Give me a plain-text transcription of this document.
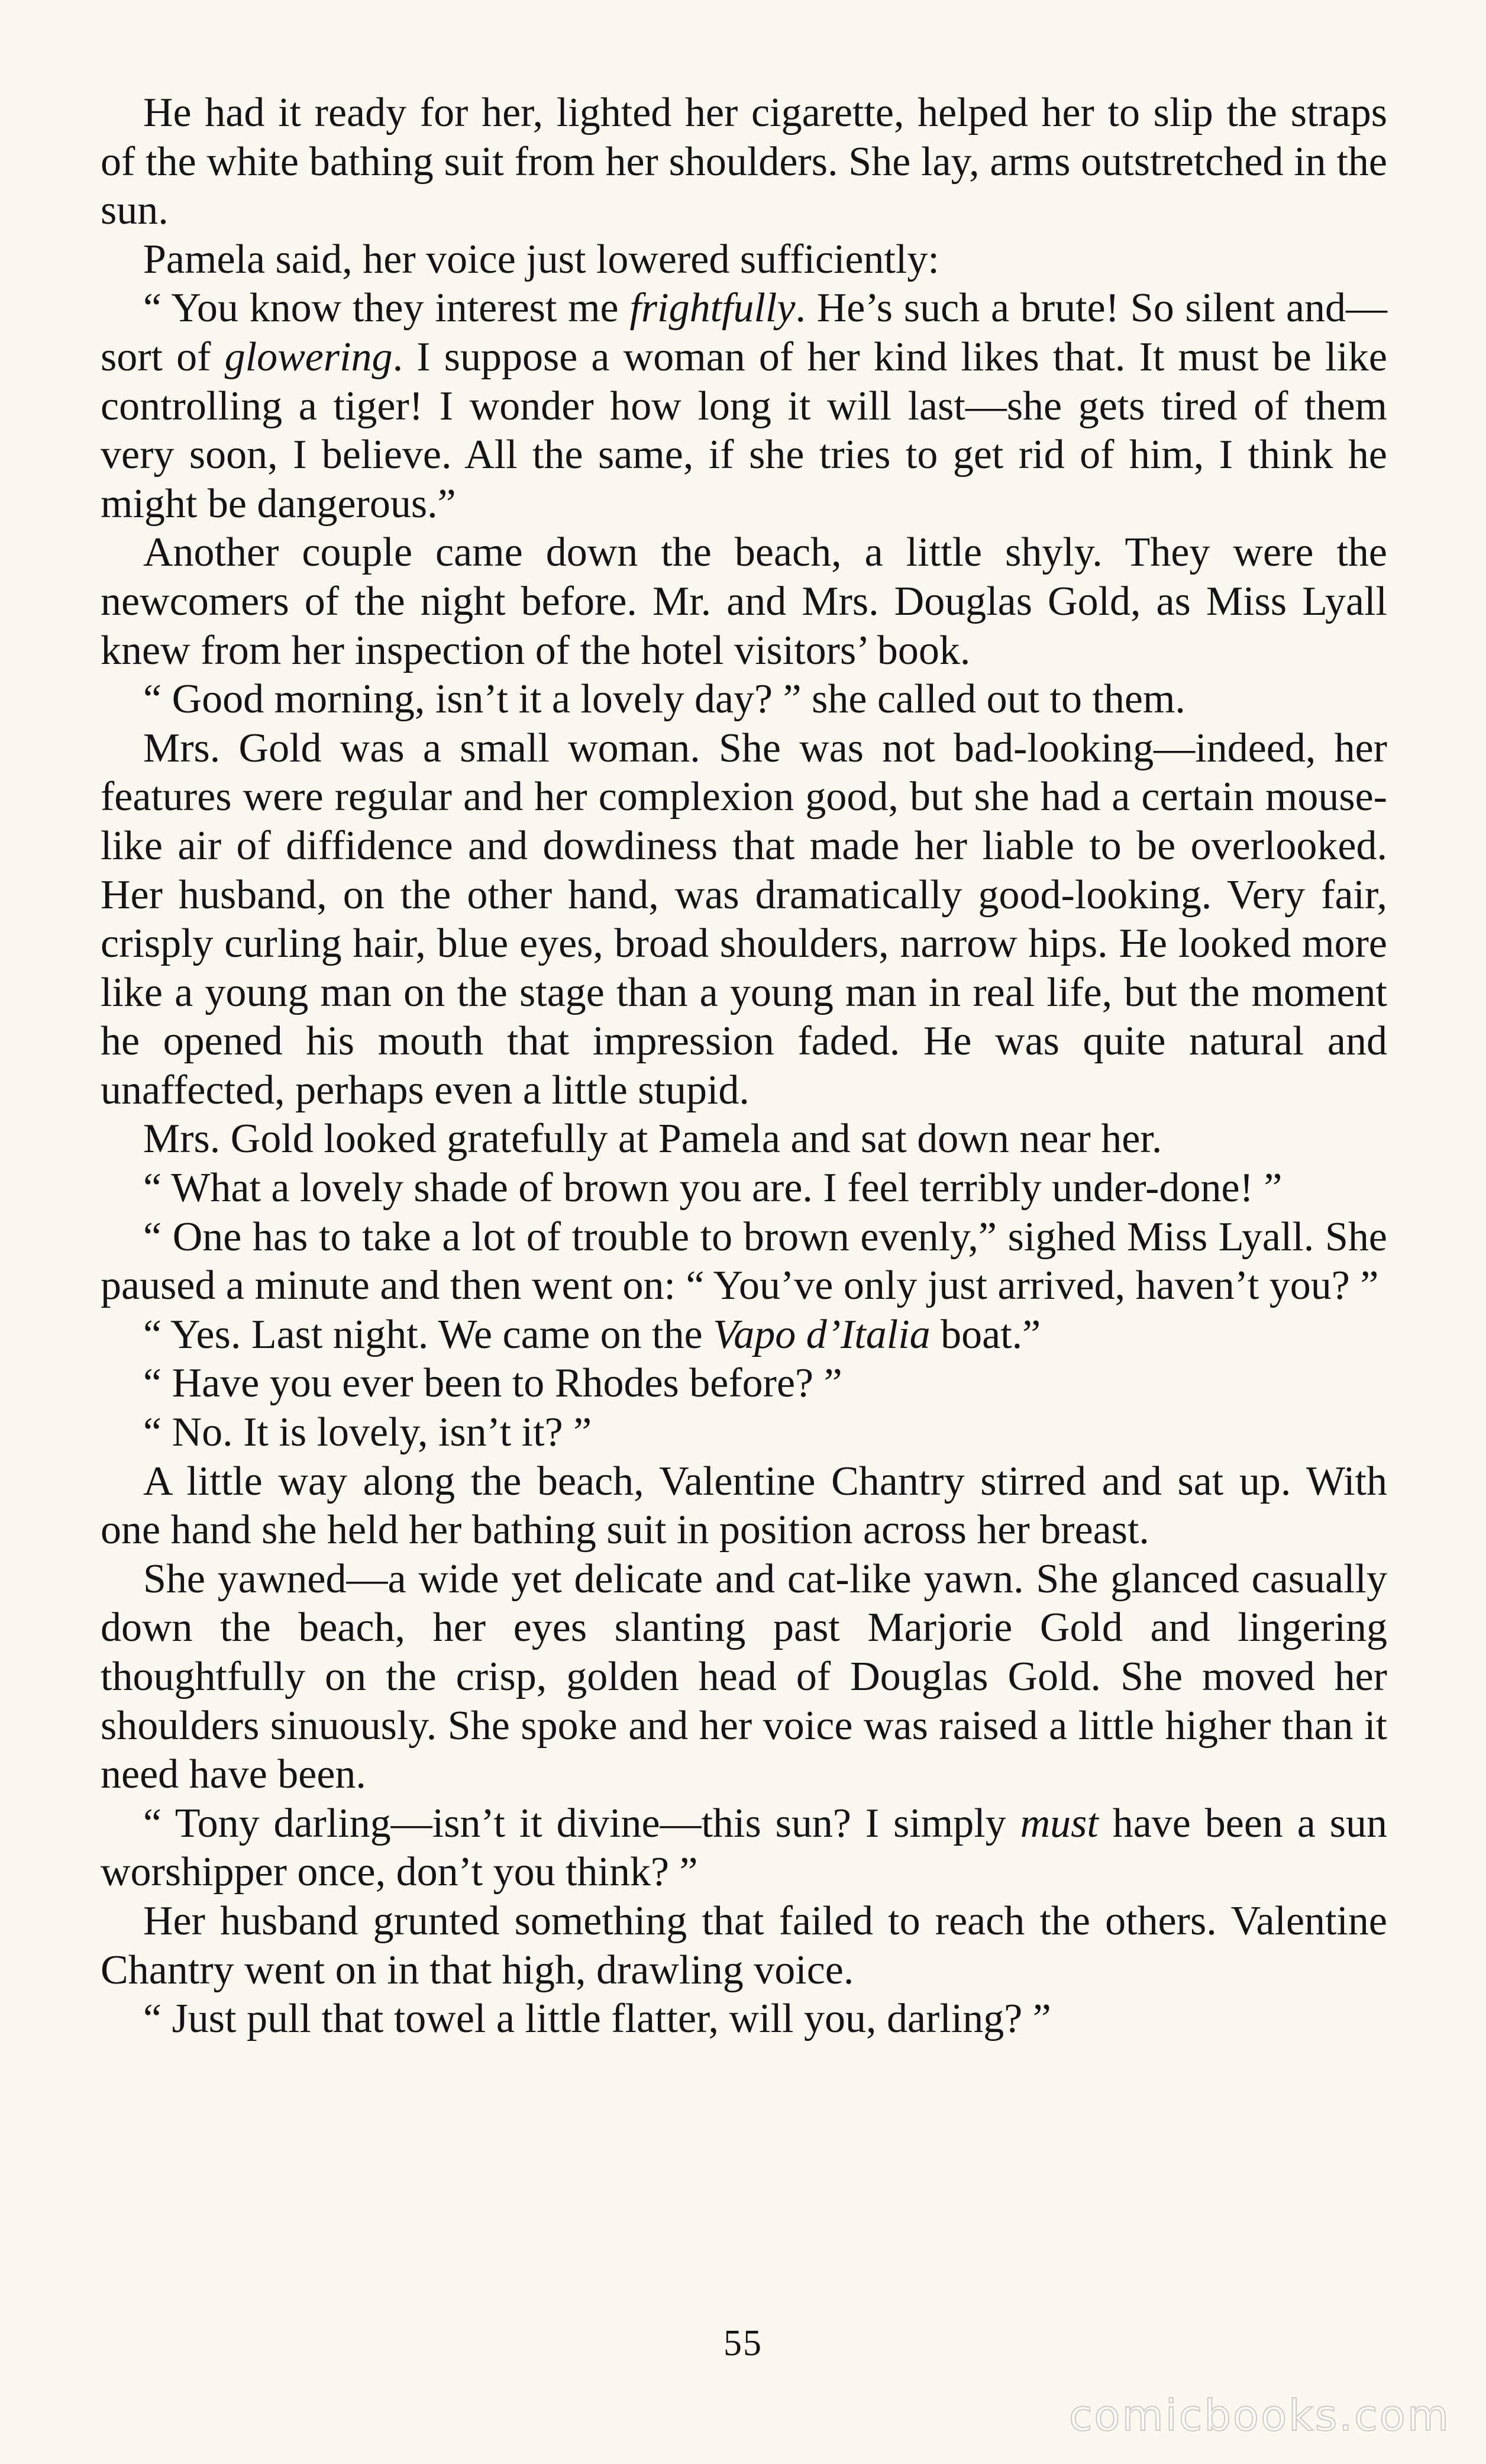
He had it ready for her, lighted her cigarette, helped her to slip the straps of the white bathing suit from her shoulders. She lay, arms outstretched in the sun.

Pamela said, her voice just lowered sufficiently:

“ You know they interest me frightfully. He’s such a brute! So silent and—sort of glowering. I suppose a woman of her kind likes that. It must be like controlling a tiger! I wonder how long it will last—she gets tired of them very soon, I believe. All the same, if she tries to get rid of him, I think he might be dangerous.”

Another couple came down the beach, a little shyly. They were the newcomers of the night before. Mr. and Mrs. Douglas Gold, as Miss Lyall knew from her inspection of the hotel visitors’ book.

“ Good morning, isn’t it a lovely day? ” she called out to them.

Mrs. Gold was a small woman. She was not bad-looking—indeed, her features were regular and her complexion good, but she had a certain mouse-like air of diffidence and dowdiness that made her liable to be overlooked. Her husband, on the other hand, was dramatically good-looking. Very fair, crisply curling hair, blue eyes, broad shoulders, narrow hips. He looked more like a young man on the stage than a young man in real life, but the moment he opened his mouth that impression faded. He was quite natural and unaffected, perhaps even a little stupid.

Mrs. Gold looked gratefully at Pamela and sat down near her.

“ What a lovely shade of brown you are. I feel terribly under-done! ”

“ One has to take a lot of trouble to brown evenly,” sighed Miss Lyall. She paused a minute and then went on: “ You’ve only just arrived, haven’t you? ”

“ Yes. Last night. We came on the Vapo d’Italia boat.”

“ Have you ever been to Rhodes before? ”

“ No. It is lovely, isn’t it? ”

A little way along the beach, Valentine Chantry stirred and sat up. With one hand she held her bathing suit in position across her breast.

She yawned—a wide yet delicate and cat-like yawn. She glanced casually down the beach, her eyes slanting past Marjorie Gold and lingering thoughtfully on the crisp, golden head of Douglas Gold. She moved her shoulders sinuously. She spoke and her voice was raised a little higher than it need have been.

“ Tony darling—isn’t it divine—this sun? I simply must have been a sun worshipper once, don’t you think? ”

Her husband grunted something that failed to reach the others. Valentine Chantry went on in that high, drawling voice.

“ Just pull that towel a little flatter, will you, darling? ”

55
comicbooks.com
